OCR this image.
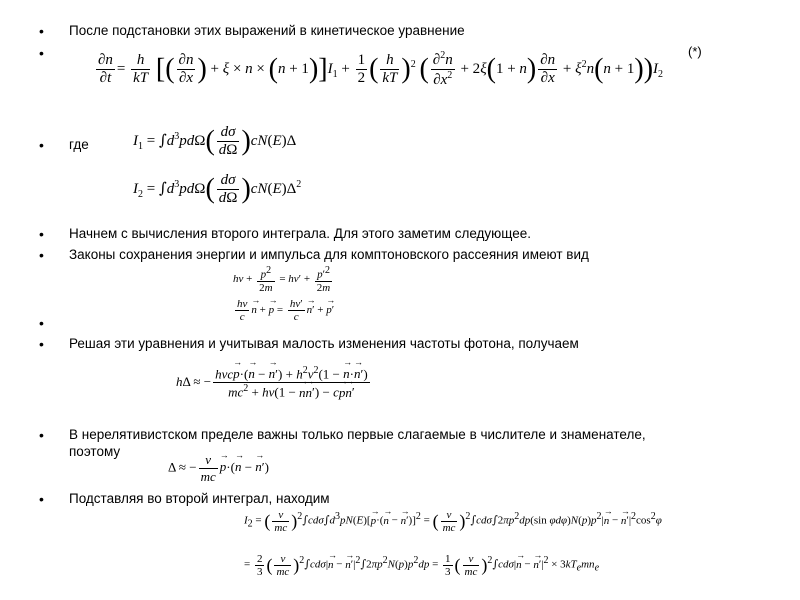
•
•
•
•
•
•
•
•
•
После подстановки этих выражений в кинетическое уравнение
где
Начнем с вычисления второго интеграла. Для этого заметим следующее.
Законы сохранения энергии и импульса для комптоновского рассеяния имеют вид
Решая эти уравнения и учитывая малость изменения частоты фотона, получаем
В нерелятивистском пределе важны только первые слагаемые в числителе и знаменателе,
поэтому
Подставляя во второй интеграл, находим
(*)
$\frac{\partial n}{\partial t} = \frac{h}{kT}$ [( $\frac{\partial n}{\partial x}$ ) + $\xi \times n \times (n + 1)]I_1 + \frac{1}{2}$ ( $\frac{h}{kT} )^2$ ( $\frac{\partial^2n}{\partial x^2} + 2\xi(1 + n) \frac{\partial n}{\partial x} + \xi^2n(n + 1))I_2$
$I_1 = \int d^3pd\Omega( \frac{d\sigma}{d\Omega} )cN(E)\Delta$
$I_2 = \int d^3pd\Omega( \frac{d\sigma}{d\Omega} )cN(E)\Delta^2$
$h\nu + \frac{p^2}{2m} = h\nu' + \frac{p'^2}{2m}$
$\frac{h\nu}{c}$
→ n + → $p = \frac{h\nu'}{c}$
→ n′ + → p′
hΔ ≈ − $\frac{h\nu c\to p\cdot(\to n - \to n') + h^2\nu^2(1 - \to n\cdot\to n')}{mc^2 + h\nu(1 - \to n\to n') - c\to p\to n'}$
Δ ≈ − $\frac{\nu}{mc}$
→ p·(→ n − → n′)
$I_2$ = ( $\frac{\nu}{mc} )^2\int cd\sigma\int d^3pN(E)[\to p\cdot(\to n$ − → n′)]$^2$ = ( $\frac{\nu}{mc} )^2\int cd\sigma\int 2\pi p^2dp(\sin$ $\varphi d\varphi)N(p)p^2|\to n$ − → $n'|^2\cos^2\varphi$
= $\frac{2}{3}$ ( $\frac{\nu}{mc} )^2\int cd\sigma|\to n$ − → $n'|^2\int 2\pi p^2N(p)p^2dp = \frac{1}{3}$ ( $\frac{\nu}{mc} )^2\int cd\sigma|\to n$ − → $n'|^2 \times 3kT_emn_e$
